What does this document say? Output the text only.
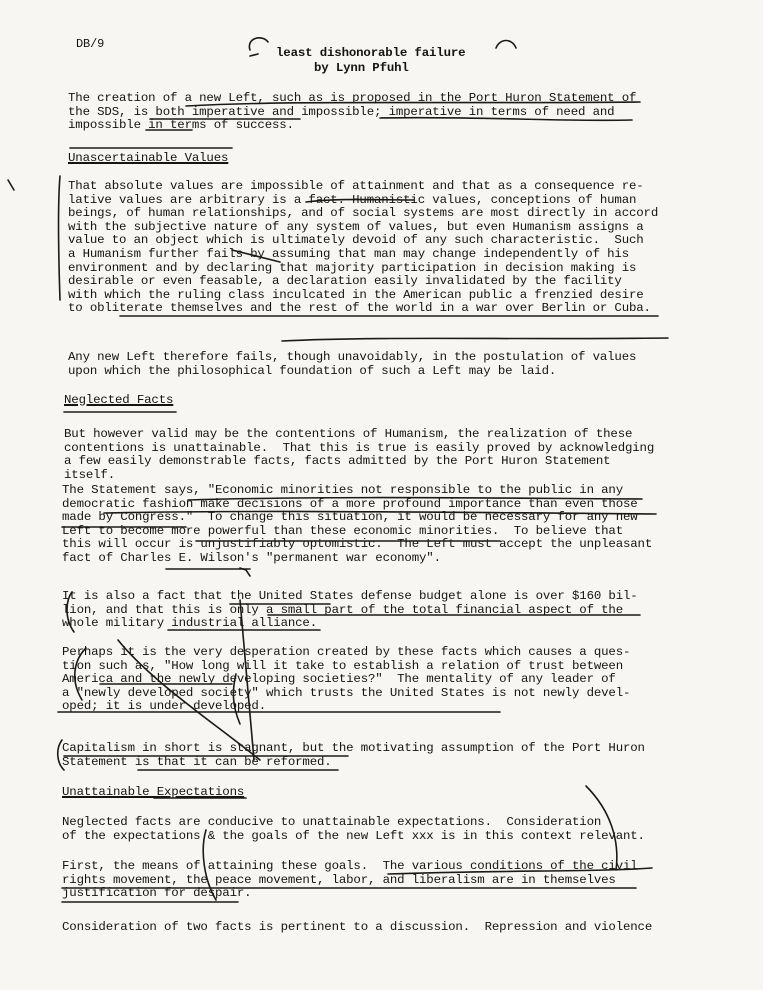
DB/9
least dishonorable failure
by Lynn Pfuhl
The creation of a new Left, such as is proposed in the Port Huron Statement of
the SDS, is both imperative and impossible; imperative in terms of need and
impossible in terms of success.
Unascertainable Values
That absolute values are impossible of attainment and that as a consequence re-
lative values are arbitrary is a fact. Humanistic values, conceptions of human
beings, of human relationships, and of social systems are most directly in accord
with the subjective nature of any system of values, but even Humanism assigns a
value to an object which is ultimately devoid of any such characteristic.  Such
a Humanism further fails by assuming that man may change independently of his
environment and by declaring that majority participation in decision making is
desirable or even feasable, a declaration easily invalidated by the facility
with which the ruling class inculcated in the American public a frenzied desire
to obliterate themselves and the rest of the world in a war over Berlin or Cuba.
Any new Left therefore fails, though unavoidably, in the postulation of values
upon which the philosophical foundation of such a Left may be laid.
Neglected Facts
But however valid may be the contentions of Humanism, the realization of these
contentions is unattainable.  That this is true is easily proved by acknowledging
a few easily demonstrable facts, facts admitted by the Port Huron Statement itself.
The Statement says, "Economic minorities not responsible to the public in any
democratic fashion make decisions of a more profound importance than even those
made by Congress."  To change this situation, it would be necessary for any new
Left to become more powerful than these economic minorities.  To believe that
this will occur is unjustifiably optomistic.  The Left must accept the unpleasant
fact of Charles E. Wilson's "permanent war economy".
It is also a fact that the United States defense budget alone is over $160 bil-
lion, and that this is only a small part of the total financial aspect of the
whole military industrial alliance.
Perhaps it is the very desperation created by these facts which causes a ques-
tion such as, "How long will it take to establish a relation of trust between
America and the newly developing societies?"  The mentality of any leader of
a "newly developed society" which trusts the United States is not newly devel-
oped; it is under developed.
Capitalism in short is stagnant, but the motivating assumption of the Port Huron
Statement is that it can be reformed.
Unattainable Expectations
Neglected facts are conducive to unattainable expectations.  Consideration
of the expectations & the goals of the new Left xxx is in this context relevant.
First, the means of attaining these goals.  The various conditions of the civil
rights movement, the peace movement, labor, and liberalism are in themselves
justification for despair.
Consideration of two facts is pertinent to a discussion.  Repression and violence
